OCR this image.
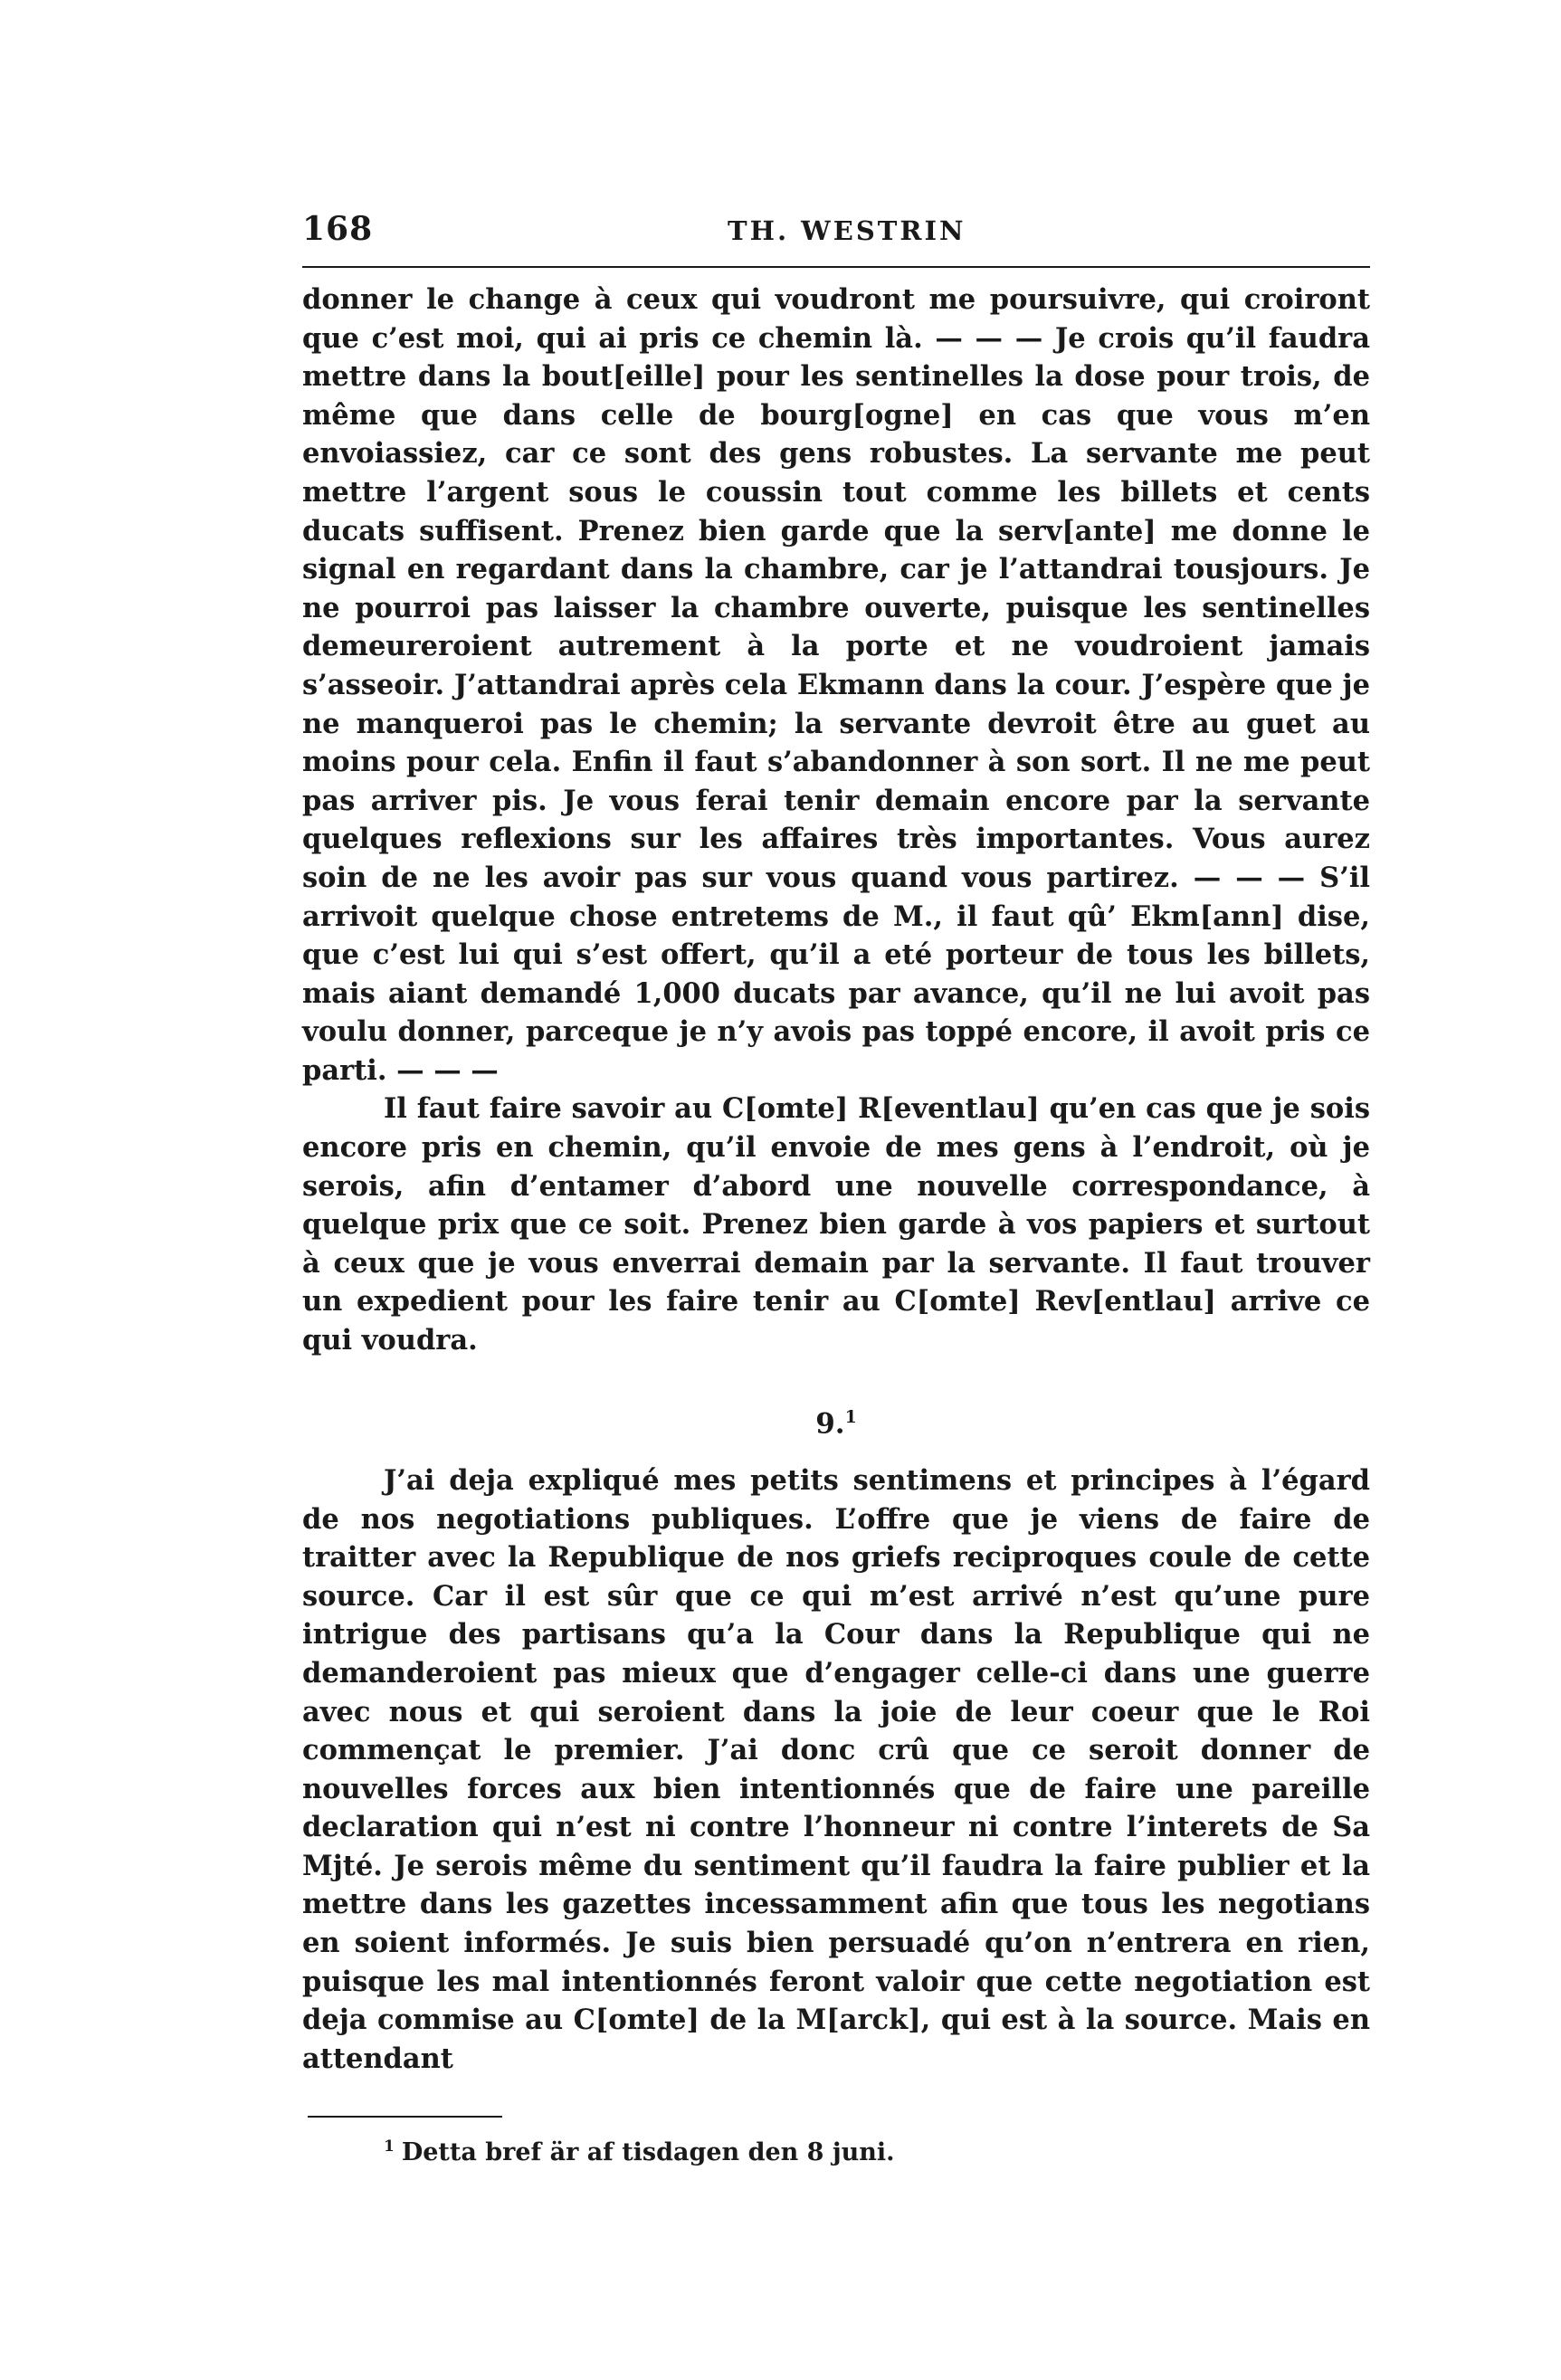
168	TH. WESTRIN

donner le change à ceux qui voudront me poursuivre, qui croiront que c’est moi, qui ai pris ce chemin là. — — — Je crois qu’il faudra mettre dans la bout[eille] pour les sentinelles la dose pour trois, de même que dans celle de bourg[ogne] en cas que vous m’en envoiassiez, car ce sont des gens robustes. La servante me peut mettre l’argent sous le coussin tout comme les billets et cents ducats suffisent. Prenez bien garde que la serv[ante] me donne le signal en regardant dans la chambre, car je l’attandrai tousjours. Je ne pourroi pas laisser la chambre ouverte, puisque les sentinelles demeureroient autrement à la porte et ne voudroient jamais s’asseoir. J’attandrai après cela Ekmann dans la cour. J’espère que je ne manqueroi pas le chemin; la servante devroit être au guet au moins pour cela. Enfin il faut s’abandonner à son sort. Il ne me peut pas arriver pis. Je vous ferai tenir demain encore par la servante quelques reflexions sur les affaires très importantes. Vous aurez soin de ne les avoir pas sur vous quand vous partirez. — — — S’il arrivoit quelque chose entretems de M., il faut qû’ Ekm[ann] dise, que c’est lui qui s’est offert, qu’il a eté porteur de tous les billets, mais aiant demandé 1,000 ducats par avance, qu’il ne lui avoit pas voulu donner, parceque je n’y avois pas toppé encore, il avoit pris ce parti. — — —

Il faut faire savoir au C[omte] R[eventlau] qu’en cas que je sois encore pris en chemin, qu’il envoie de mes gens à l’endroit, où je serois, afin d’entamer d’abord une nouvelle correspondance, à quelque prix que ce soit. Prenez bien garde à vos papiers et surtout à ceux que je vous enverrai demain par la servante. Il faut trouver un expedient pour les faire tenir au C[omte] Rev[entlau] arrive ce qui voudra.

9.$^1$

J’ai deja expliqué mes petits sentimens et principes à l’égard de nos negotiations publiques. L’offre que je viens de faire de traitter avec la Republique de nos griefs reciproques coule de cette source. Car il est sûr que ce qui m’est arrivé n’est qu’une pure intrigue des partisans qu’a la Cour dans la Republique qui ne demanderoient pas mieux que d’engager celle-ci dans une guerre avec nous et qui seroient dans la joie de leur coeur que le Roi commençat le premier. J’ai donc crû que ce seroit donner de nouvelles forces aux bien intentionnés que de faire une pareille declaration qui n’est ni contre l’honneur ni contre l’interets de Sa Mjté. Je serois même du sentiment qu’il faudra la faire publier et la mettre dans les gazettes incessamment afin que tous les negotians en soient informés. Je suis bien persuadé qu’on n’entrera en rien, puisque les mal intentionnés feront valoir que cette negotiation est deja commise au C[omte] de la M[arck], qui est à la source. Mais en attendant

$^1$ Detta bref är af tisdagen den 8 juni.
